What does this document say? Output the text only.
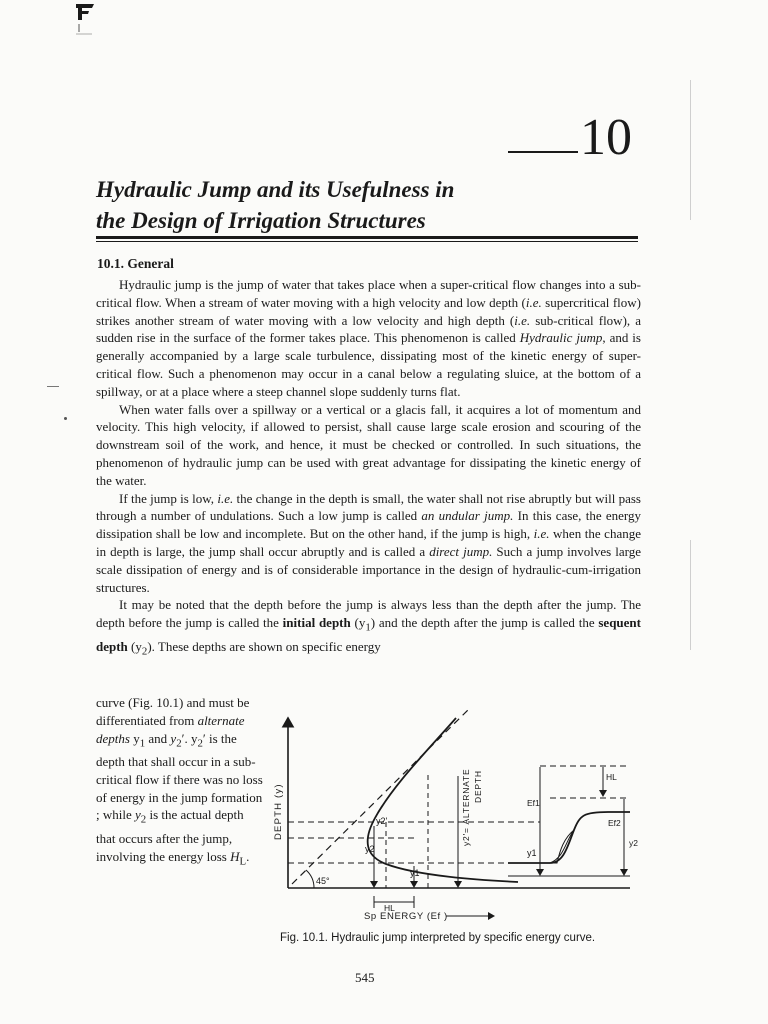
10
Hydraulic Jump and its Usefulness in
the Design of Irrigation Structures
10.1. General

Hydraulic jump is the jump of water that takes place when a super-critical flow changes into a sub-critical flow. When a stream of water moving with a high velocity and low depth (i.e. supercritical flow) strikes another stream of water moving with a low velocity and high depth (i.e. sub-critical flow), a sudden rise in the surface of the former takes place. This phenomenon is called Hydraulic jump, and is generally accompanied by a large scale turbulence, dissipating most of the kinetic energy of super-critical flow. Such a phenomenon may occur in a canal below a regulating sluice, at the bottom of a spillway, or at a place where a steep channel slope suddenly turns flat.

When water falls over a spillway or a vertical or a glacis fall, it acquires a lot of momentum and velocity. This high velocity, if allowed to persist, shall cause large scale erosion and scouring of the downstream soil of the work, and hence, it must be checked or controlled. In such situations, the phenomenon of hydraulic jump can be used with great advantage for dissipating the kinetic energy of the water.

If the jump is low, i.e. the change in the depth is small, the water shall not rise abruptly but will pass through a number of undulations. Such a low jump is called an undular jump. In this case, the energy dissipation shall be low and incomplete. But on the other hand, if the jump is high, i.e. when the change in depth is large, the jump shall occur abruptly and is called a direct jump. Such a jump involves large scale dissipation of energy and is of considerable importance in the design of hydraulic-cum-irrigation structures.

It may be noted that the depth before the jump is always less than the depth after the jump. The depth before the jump is called the initial depth $(y_1)$ and the depth after the jump is called the sequent depth $(y_2)$. These depths are shown on specific energy

curve (Fig. 10.1) and must be differentiated from alternate depths $y_1$ and $y_2'$. $y_2'$ is the depth that shall occur in a sub-critical flow if there was no loss of energy in the jump formation ; while $y_2$ is the actual depth that occurs after the jump, involving the energy loss $H_L$.

45°
DEPTH (y)	y2'= ALTERNATE DEPTH
y2'
y2
y1
HL
Sp ENERGY (Ef )
Ef1
Ef2
HL
y1
y2
Fig. 10.1. Hydraulic jump interpreted by specific energy curve.
545
